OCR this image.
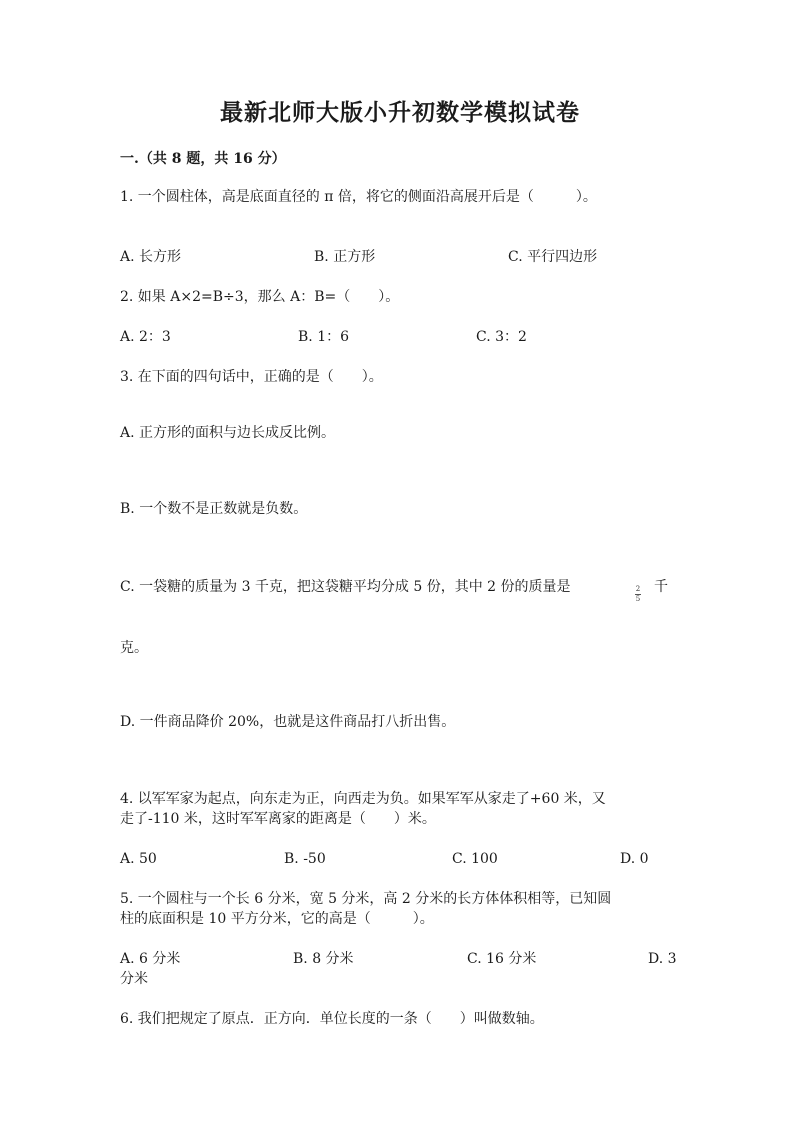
最新北师大版小升初数学模拟试卷
一.（共 8 题，共 16 分）
1. 一个圆柱体，高是底面直径的 π 倍，将它的侧面沿高展开后是（　　　）。
A. 长方形	B. 正方形	C. 平行四边形
2. 如果 A×2=B÷3，那么 A：B=（　　）。
A. 2：3	B. 1：6	C. 3：2
3. 在下面的四句话中，正确的是（　　）。
A. 正方形的面积与边长成反比例。
B. 一个数不是正数就是负数。
C. 一袋糖的质量为 3 千克，把这袋糖平均分成 5 份，其中 2 份的质量是	2
5
千
克。
D. 一件商品降价 20%，也就是这件商品打八折出售。
4. 以军军家为起点，向东走为正，向西走为负。如果军军从家走了+60 米，又
走了-110 米，这时军军离家的距离是（　　）米。
A. 50	B. -50	C. 100	D. 0
5. 一个圆柱与一个长 6 分米，宽 5 分米，高 2 分米的长方体体积相等，已知圆
柱的底面积是 10 平方分米，它的高是（　　　）。
A. 6 分米	B. 8 分米	C. 16 分米	D. 3
分米
6. 我们把规定了原点．正方向．单位长度的一条（　　）叫做数轴。
